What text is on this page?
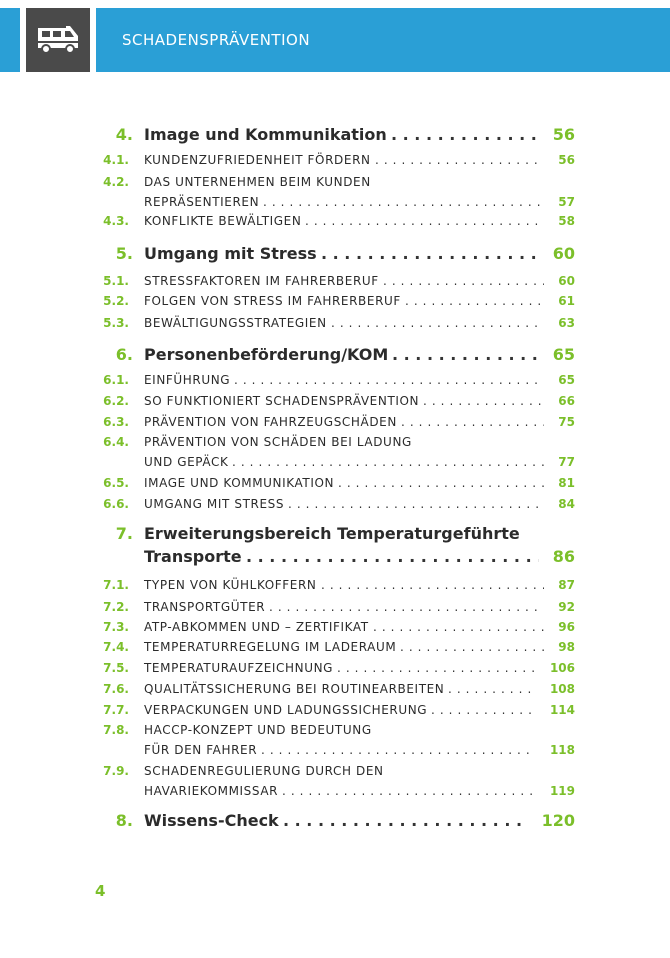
SCHADENSPRÄVENTION
4. Image und Kommunikation	56
. . .
4.1. KUNDENZUFRIEDENHEIT FÖRDERN	56
. . .
4.2. DAS UNTERNEHMEN BEIM KUNDEN
REPRÄSENTIEREN	57
. . .
4.3. KONFLIKTE BEWÄLTIGEN	58
. . .
5. Umgang mit Stress	60
. . .
5.1. STRESSFAKTOREN IM FAHRERBERUF	60
. . .
5.2. FOLGEN VON STRESS IM FAHRERBERUF	61
. . .
5.3. BEWÄLTIGUNGSSTRATEGIEN	63
. . .
6. Personenbeförderung/KOM	65
. . .
6.1. EINFÜHRUNG	65
. . .
6.2. SO FUNKTIONIERT SCHADENSPRÄVENTION	66
. . .
6.3. PRÄVENTION VON FAHRZEUGSCHÄDEN	75
. . .
6.4. PRÄVENTION VON SCHÄDEN BEI LADUNG
UND GEPÄCK	77
. . .
6.5. IMAGE UND KOMMUNIKATION	81
. . .
6.6. UMGANG MIT STRESS	84
. . .
7. Erweiterungsbereich Temperaturgeführte
Transporte	86
. . .
7.1. TYPEN VON KÜHLKOFFERN	87
. . .
7.2. TRANSPORTGÜTER	92
. . .
7.3. ATP-ABKOMMEN UND – ZERTIFIKAT	96
. . .
7.4. TEMPERATURREGELUNG IM LADERAUM	98
. . .
7.5. TEMPERATURAUFZEICHNUNG	106
. . .
7.6. QUALITÄTSSICHERUNG BEI ROUTINEARBEITEN	108
. . .
7.7. VERPACKUNGEN UND LADUNGSSICHERUNG	114
. . .
7.8. HACCP-KONZEPT UND BEDEUTUNG
FÜR DEN FAHRER	118
. . .
7.9. SCHADENREGULIERUNG DURCH DEN
HAVARIEKOMMISSAR	119
. . .
8. Wissens-Check	120
. . .
4
